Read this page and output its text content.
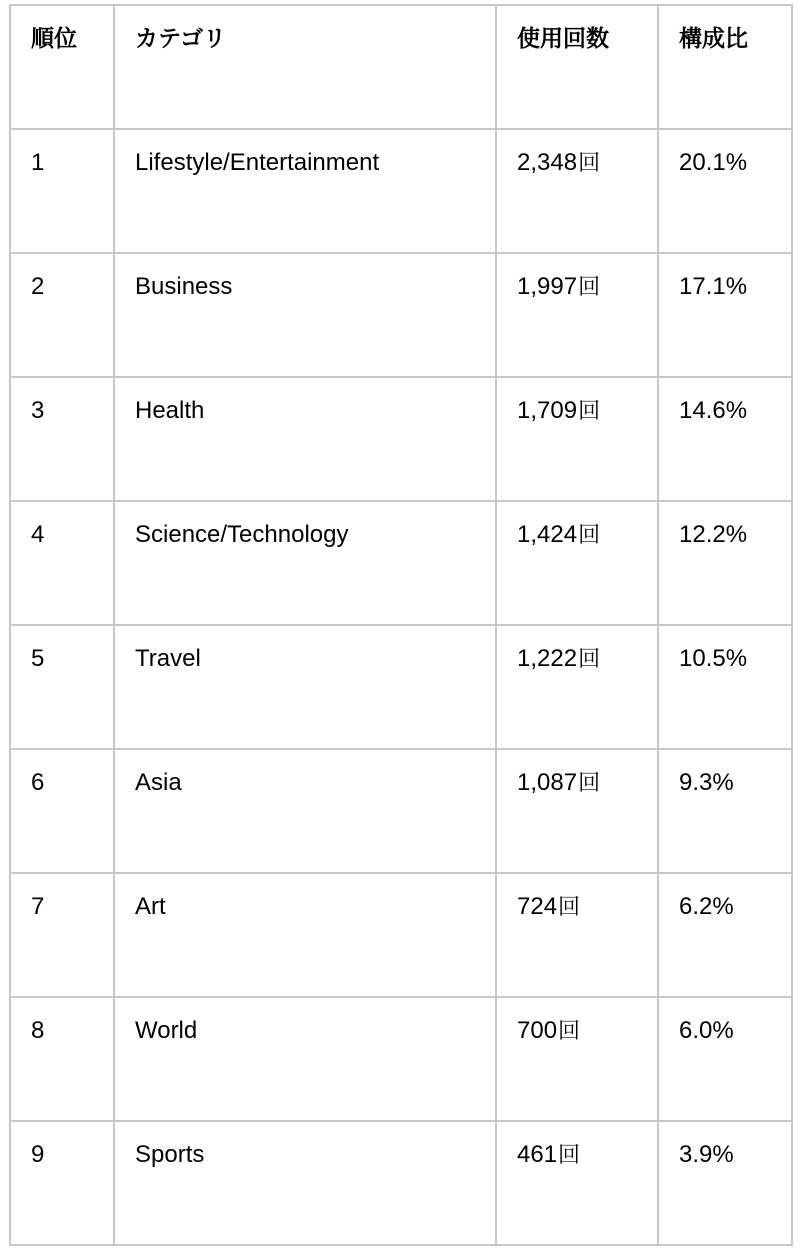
順位	カテゴリ	使用回数	構成比
1	Lifestyle/Entertainment	2,348回	20.1%
2	Business	1,997回	17.1%
3	Health	1,709回	14.6%
4	Science/Technology	1,424回	12.2%
5	Travel	1,222回	10.5%
6	Asia	1,087回	9.3%
7	Art	724回	6.2%
8	World	700回	6.0%
9	Sports	461回	3.9%
